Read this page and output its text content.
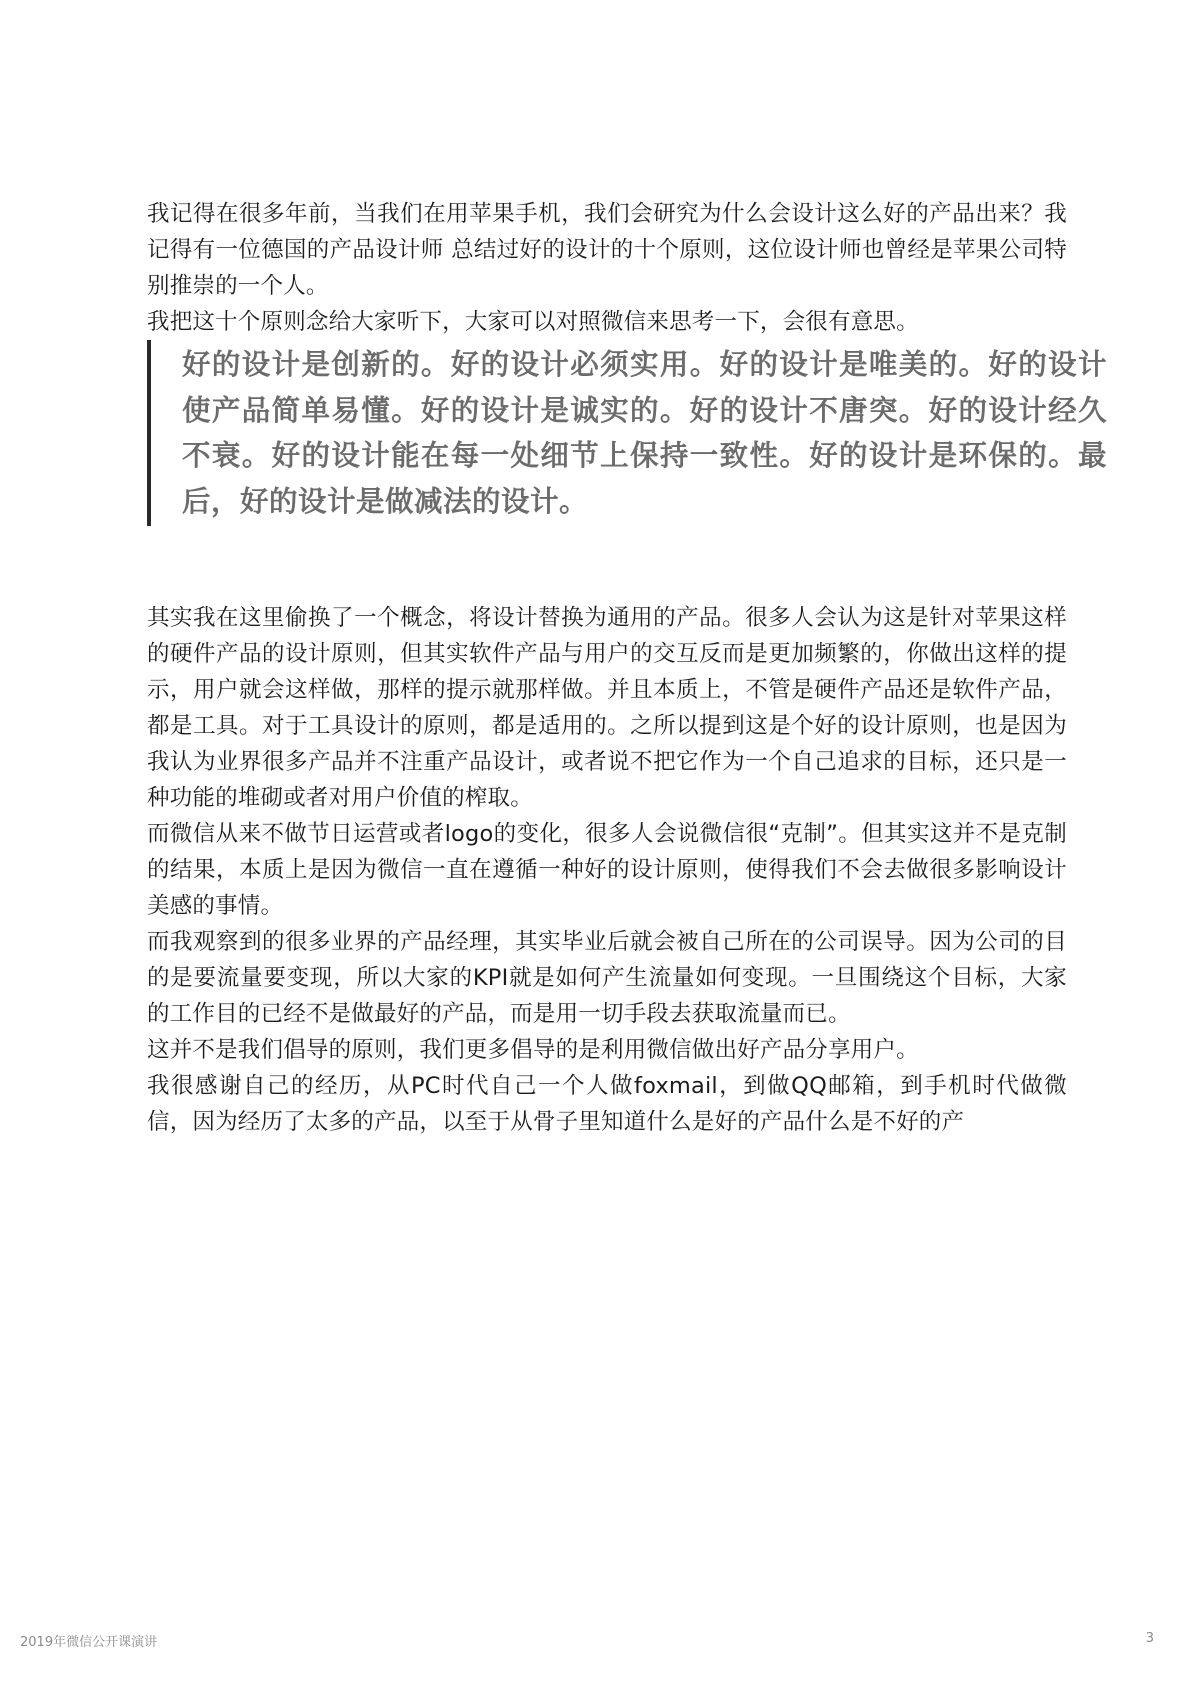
我记得在很多年前，当我们在用苹果手机，我们会研究为什么会设计这么好的产品出来？我记得有一位德国的产品设计师 总结过好的设计的十个原则，这位设计师也曾经是苹果公司特别推崇的一个人。

我把这十个原则念给大家听下，大家可以对照微信来思考一下，会很有意思。

好的设计是创新的。好的设计必须实用。好的设计是唯美的。好的设计使产品简单易懂。好的设计是诚实的。好的设计不唐突。好的设计经久不衰。好的设计能在每一处细节上保持一致性。好的设计是环保的。最后，好的设计是做减法的设计。

其实我在这里偷换了一个概念，将设计替换为通用的产品。很多人会认为这是针对苹果这样的硬件产品的设计原则，但其实软件产品与用户的交互反而是更加频繁的，你做出这样的提示，用户就会这样做，那样的提示就那样做。并且本质上，不管是硬件产品还是软件产品，都是工具。对于工具设计的原则，都是适用的。之所以提到这是个好的设计原则，也是因为我认为业界很多产品并不注重产品设计，或者说不把它作为一个自己追求的目标，还只是一种功能的堆砌或者对用户价值的榨取。

而微信从来不做节日运营或者logo的变化，很多人会说微信很“克制”。但其实这并不是克制的结果，本质上是因为微信一直在遵循一种好的设计原则，使得我们不会去做很多影响设计美感的事情。

而我观察到的很多业界的产品经理，其实毕业后就会被自己所在的公司误导。因为公司的目的是要流量要变现，所以大家的KPI就是如何产生流量如何变现。一旦围绕这个目标，大家的工作目的已经不是做最好的产品，而是用一切手段去获取流量而已。

这并不是我们倡导的原则，我们更多倡导的是利用微信做出好产品分享用户。

我很感谢自己的经历，从PC时代自己一个人做foxmail，到做QQ邮箱，到手机时代做微信，因为经历了太多的产品，以至于从骨子里知道什么是好的产品什么是不好的产

2019年微信公开课演讲	3
